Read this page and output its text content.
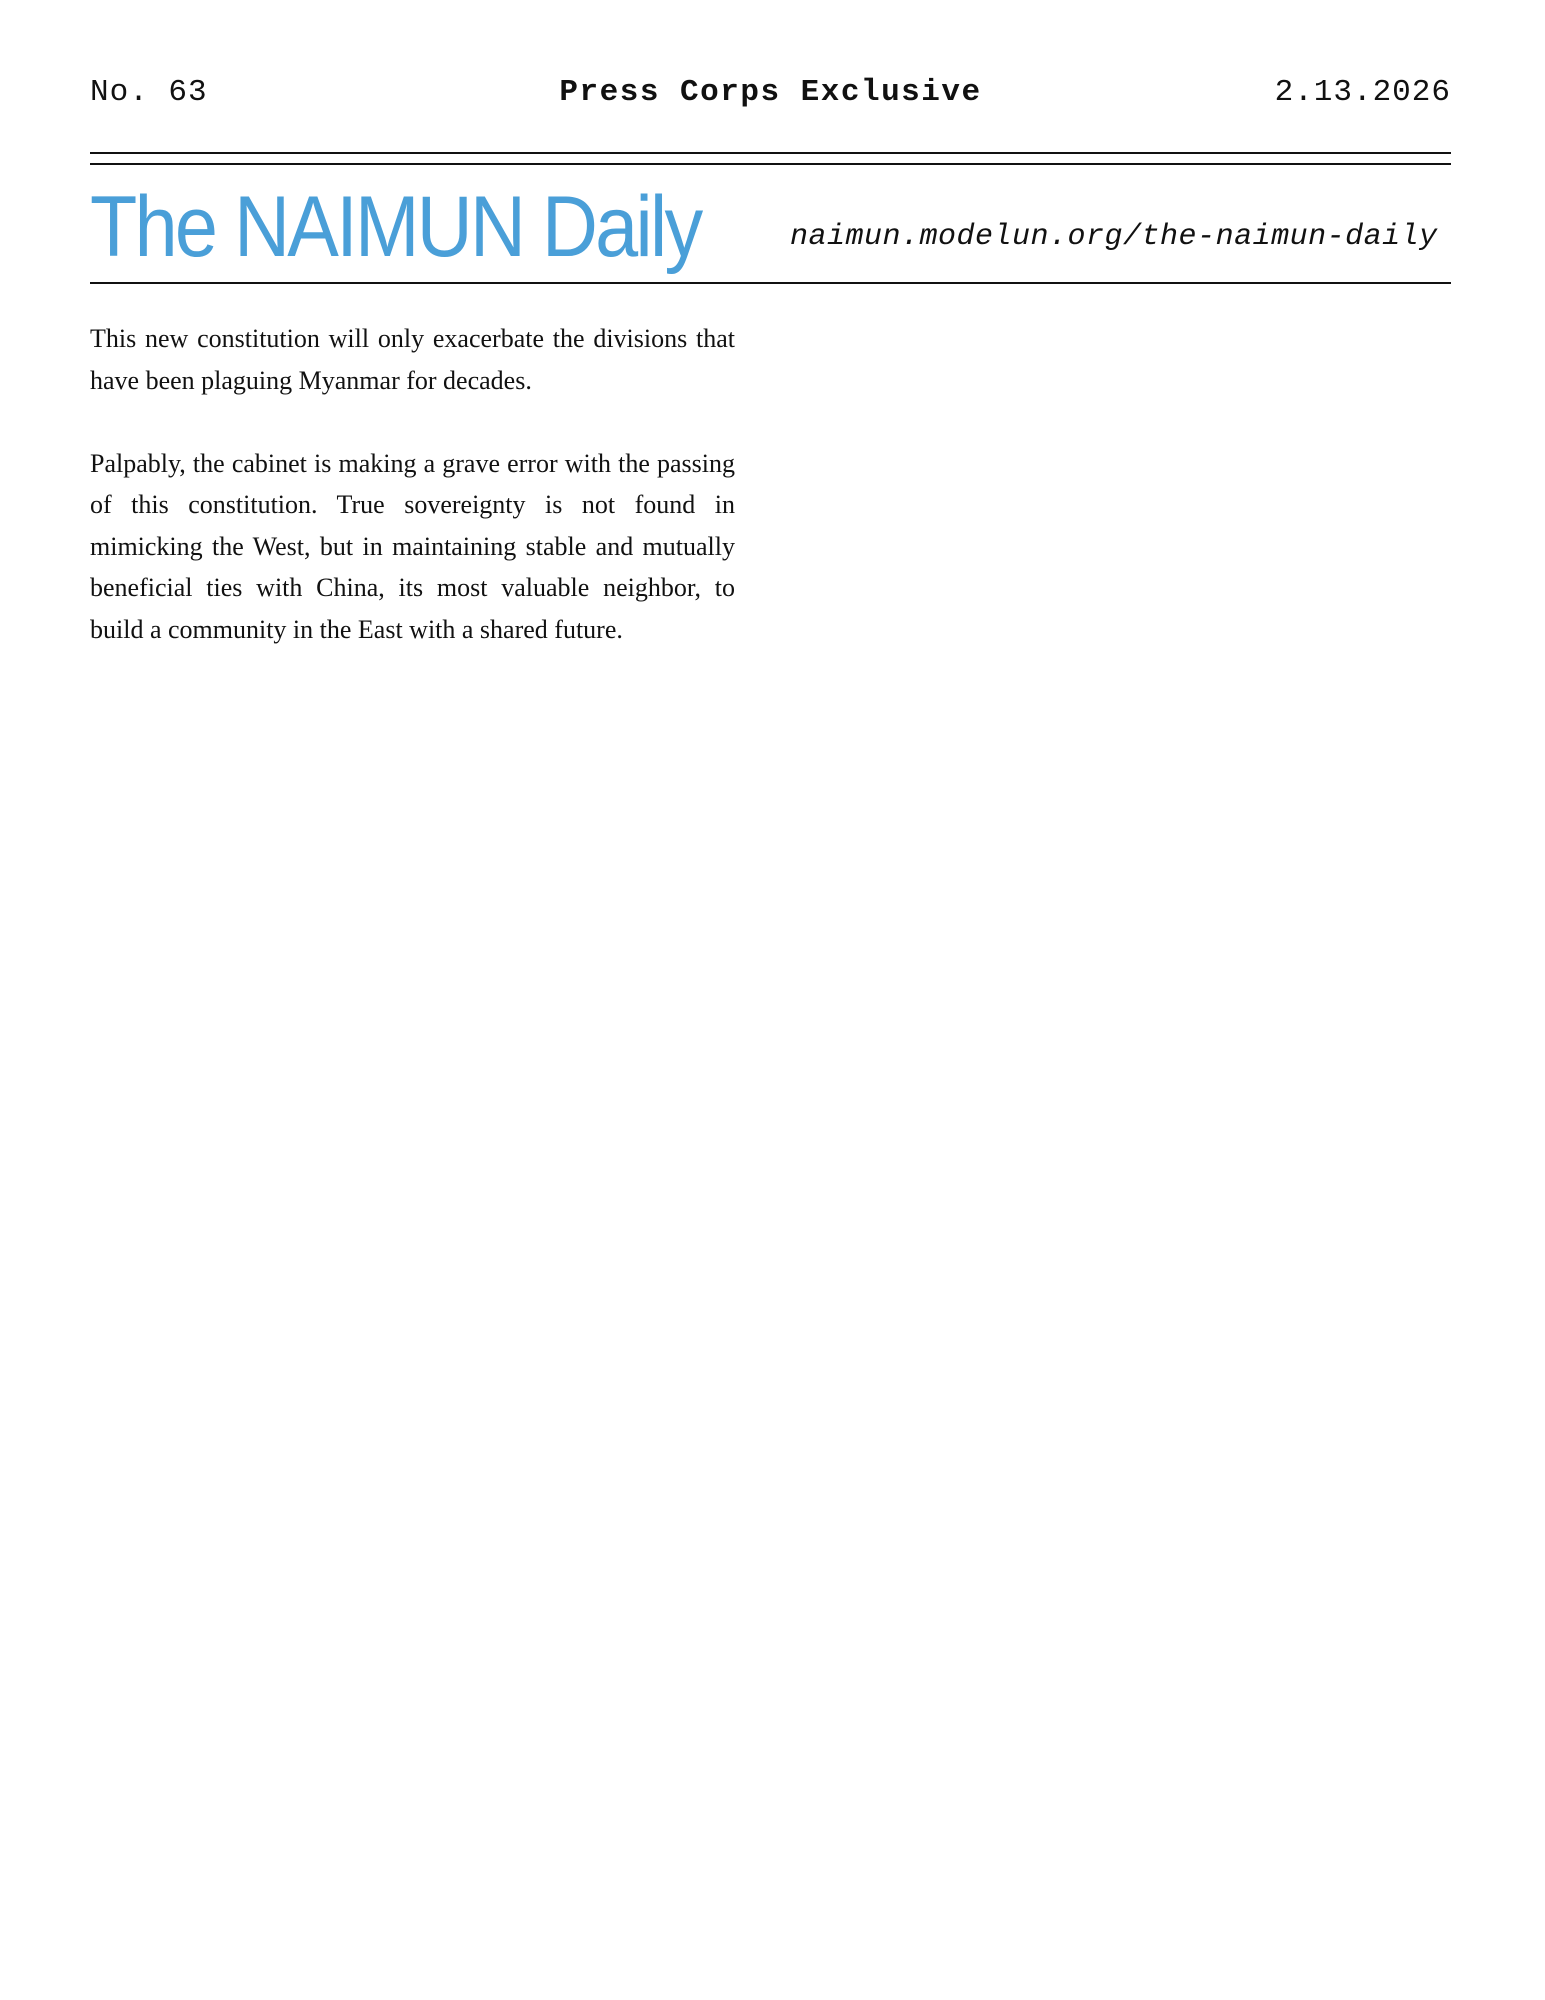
No. 63	Press Corps Exclusive	2.13.2026
The NAIMUN Daily	naimun.modelun.org/the-naimun-daily

This new constitution will only exacerbate the divisions that have been plaguing Myanmar for decades.

Palpably, the cabinet is making a grave error with the passing of this constitution. True sovereignty is not found in mimicking the West, but in maintaining stable and mutually beneficial ties with China, its most valuable neighbor, to build a community in the East with a shared future.
